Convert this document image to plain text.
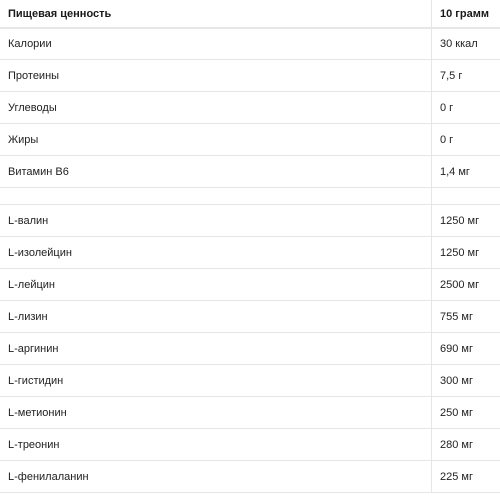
Пищевая ценность	10 грамм
Калории	30 ккал
Протеины	7,5 г
Углеводы	0 г
Жиры	0 г
Витамин B6	1,4 мг
L-валин	1250 мг
L-изолейцин	1250 мг
L-лейцин	2500 мг
L-лизин	755 мг
L-аргинин	690 мг
L-гистидин	300 мг
L-метионин	250 мг
L-треонин	280 мг
L-фенилаланин	225 мг
